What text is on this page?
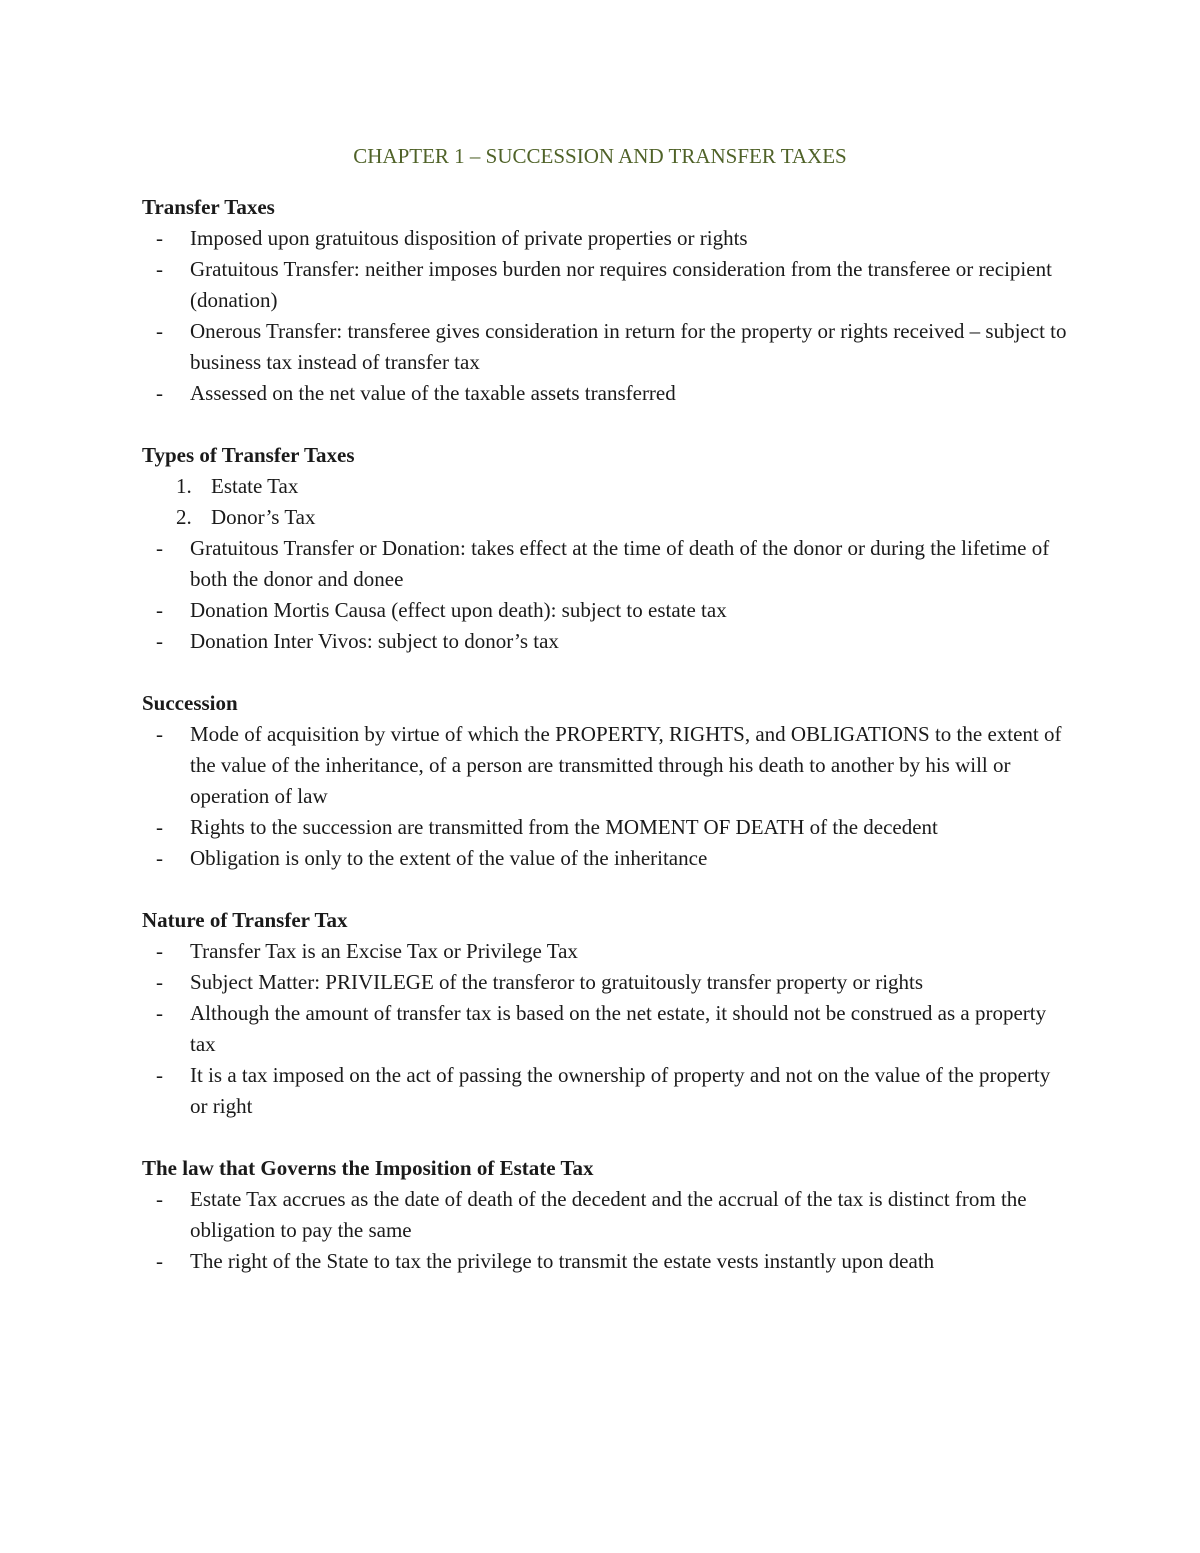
CHAPTER 1 – SUCCESSION AND TRANSFER TAXES

Transfer Taxes

- Imposed upon gratuitous disposition of private properties or rights
- Gratuitous Transfer: neither imposes burden nor requires consideration from the transferee or recipient (donation)
- Onerous Transfer: transferee gives consideration in return for the property or rights received – subject to business tax instead of transfer tax
- Assessed on the net value of the taxable assets transferred

Types of Transfer Taxes

1. Estate Tax
2. Donor’s Tax
- Gratuitous Transfer or Donation: takes effect at the time of death of the donor or during the lifetime of both the donor and donee
- Donation Mortis Causa (effect upon death): subject to estate tax
- Donation Inter Vivos: subject to donor’s tax

Succession

- Mode of acquisition by virtue of which the PROPERTY, RIGHTS, and OBLIGATIONS to the extent of the value of the inheritance, of a person are transmitted through his death to another by his will or operation of law
- Rights to the succession are transmitted from the MOMENT OF DEATH of the decedent
- Obligation is only to the extent of the value of the inheritance

Nature of Transfer Tax

- Transfer Tax is an Excise Tax or Privilege Tax
- Subject Matter: PRIVILEGE of the transferor to gratuitously transfer property or rights
- Although the amount of transfer tax is based on the net estate, it should not be construed as a property tax
- It is a tax imposed on the act of passing the ownership of property and not on the value of the property or right

The law that Governs the Imposition of Estate Tax

- Estate Tax accrues as the date of death of the decedent and the accrual of the tax is distinct from the obligation to pay the same
- The right of the State to tax the privilege to transmit the estate vests instantly upon death
